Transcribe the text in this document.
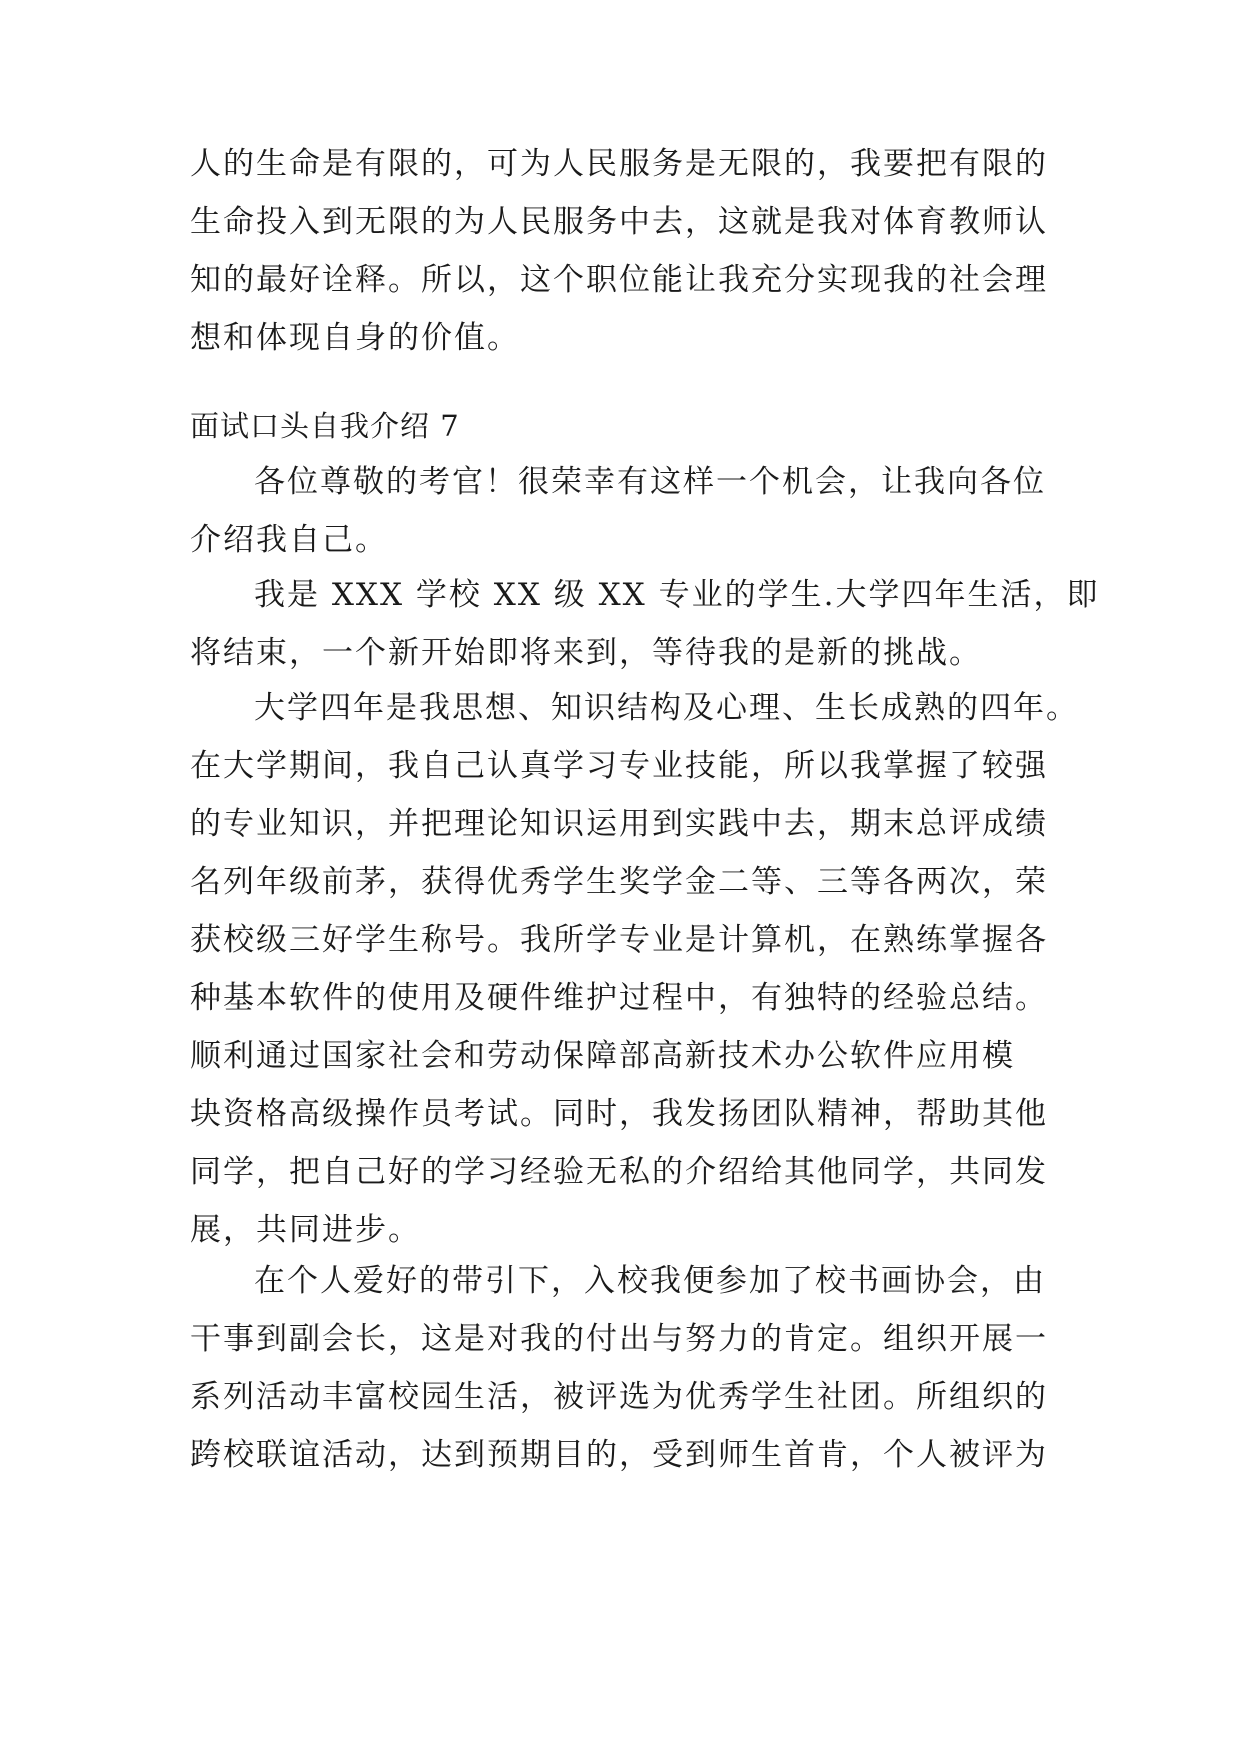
人的生命是有限的，可为人民服务是无限的，我要把有限的
生命投入到无限的为人民服务中去，这就是我对体育教师认
知的最好诠释。所以，这个职位能让我充分实现我的社会理
想和体现自身的价值。
面试口头自我介绍 7
各位尊敬的考官！很荣幸有这样一个机会，让我向各位
介绍我自己。
我是 XXX 学校 XX 级 XX 专业的学生.大学四年生活，即
将结束，一个新开始即将来到，等待我的是新的挑战。
大学四年是我思想、知识结构及心理、生长成熟的四年。
在大学期间，我自己认真学习专业技能，所以我掌握了较强
的专业知识，并把理论知识运用到实践中去，期末总评成绩
名列年级前茅，获得优秀学生奖学金二等、三等各两次，荣
获校级三好学生称号。我所学专业是计算机，在熟练掌握各
种基本软件的使用及硬件维护过程中，有独特的经验总结。
顺利通过国家社会和劳动保障部高新技术办公软件应用模
块资格高级操作员考试。同时，我发扬团队精神，帮助其他
同学，把自己好的学习经验无私的介绍给其他同学，共同发
展，共同进步。
在个人爱好的带引下，入校我便参加了校书画协会，由
干事到副会长，这是对我的付出与努力的肯定。组织开展一
系列活动丰富校园生活，被评选为优秀学生社团。所组织的
跨校联谊活动，达到预期目的，受到师生首肯，个人被评为
